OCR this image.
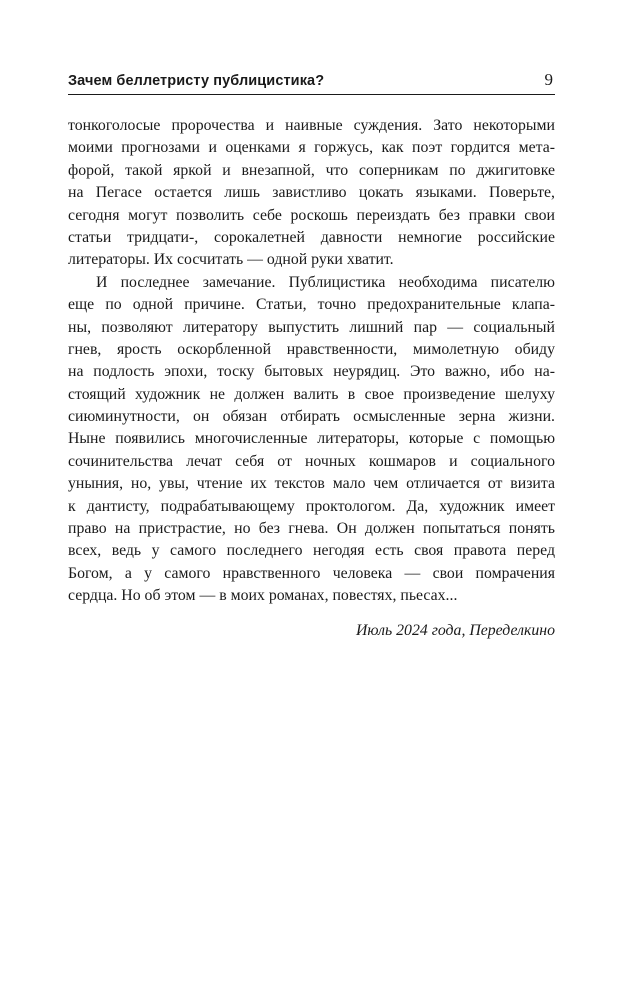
Зачем беллетристу публицистика?	9

тонкоголосые пророчества и наивные суждения. Зато некоторыми
моими прогнозами и оценками я горжусь, как поэт гордится мета-
форой, такой яркой и внезапной, что соперникам по джигитовке
на Пегасе остается лишь завистливо цокать языками. Поверьте,
сегодня могут позволить себе роскошь переиздать без правки свои
статьи тридцати-, сорокалетней давности немногие российские
литераторы. Их сосчитать — одной руки хватит.

И последнее замечание. Публицистика необходима писателю
еще по одной причине. Статьи, точно предохранительные клапа-
ны, позволяют литератору выпустить лишний пар — социальный
гнев, ярость оскорбленной нравственности, мимолетную обиду
на подлость эпохи, тоску бытовых неурядиц. Это важно, ибо на-
стоящий художник не должен валить в свое произведение шелуху
сиюминутности, он обязан отбирать осмысленные зерна жизни.
Ныне появились многочисленные литераторы, которые с помощью
сочинительства лечат себя от ночных кошмаров и социального
уныния, но, увы, чтение их текстов мало чем отличается от визита
к дантисту, подрабатывающему проктологом. Да, художник имеет
право на пристрастие, но без гнева. Он должен попытаться понять
всех, ведь у самого последнего негодяя есть своя правота перед
Богом, а у самого нравственного человека — свои помрачения
сердца. Но об этом — в моих романах, повестях, пьесах...

Июль 2024 года, Переделкино
